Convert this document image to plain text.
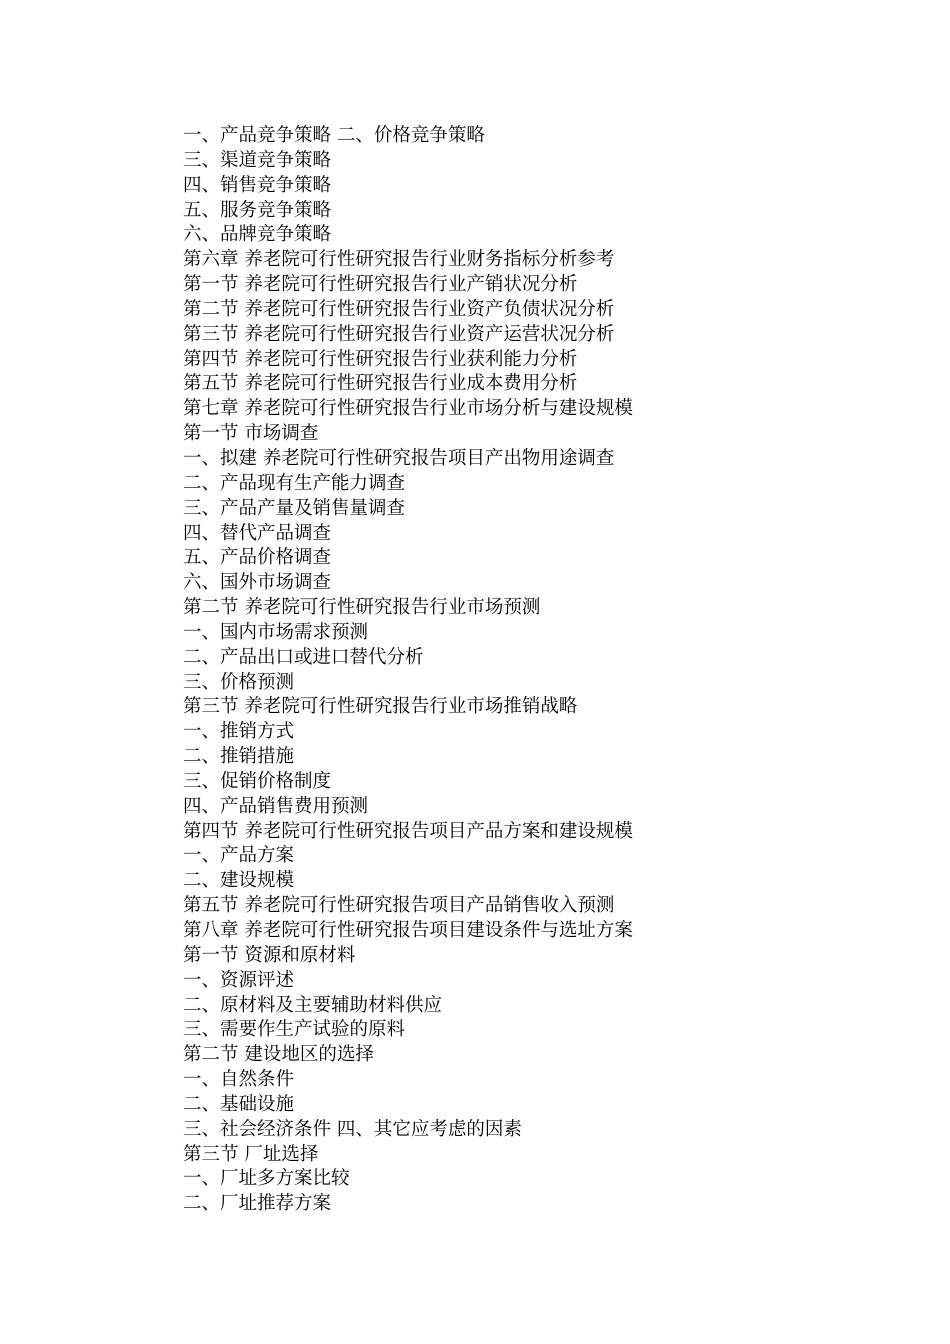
一、产品竞争策略 二、价格竞争策略
三、渠道竞争策略
四、销售竞争策略
五、服务竞争策略
六、品牌竞争策略
第六章 养老院可行性研究报告行业财务指标分析参考
第一节 养老院可行性研究报告行业产销状况分析
第二节 养老院可行性研究报告行业资产负债状况分析
第三节 养老院可行性研究报告行业资产运营状况分析
第四节 养老院可行性研究报告行业获利能力分析
第五节 养老院可行性研究报告行业成本费用分析
第七章 养老院可行性研究报告行业市场分析与建设规模
第一节 市场调查
一、拟建 养老院可行性研究报告项目产出物用途调查
二、产品现有生产能力调查
三、产品产量及销售量调查
四、替代产品调查
五、产品价格调查
六、国外市场调查
第二节 养老院可行性研究报告行业市场预测
一、国内市场需求预测
二、产品出口或进口替代分析
三、价格预测
第三节 养老院可行性研究报告行业市场推销战略
一、推销方式
二、推销措施
三、促销价格制度
四、产品销售费用预测
第四节 养老院可行性研究报告项目产品方案和建设规模
一、产品方案
二、建设规模
第五节 养老院可行性研究报告项目产品销售收入预测
第八章 养老院可行性研究报告项目建设条件与选址方案
第一节 资源和原材料
一、资源评述
二、原材料及主要辅助材料供应
三、需要作生产试验的原料
第二节 建设地区的选择
一、自然条件
二、基础设施
三、社会经济条件 四、其它应考虑的因素
第三节 厂址选择
一、厂址多方案比较
二、厂址推荐方案
